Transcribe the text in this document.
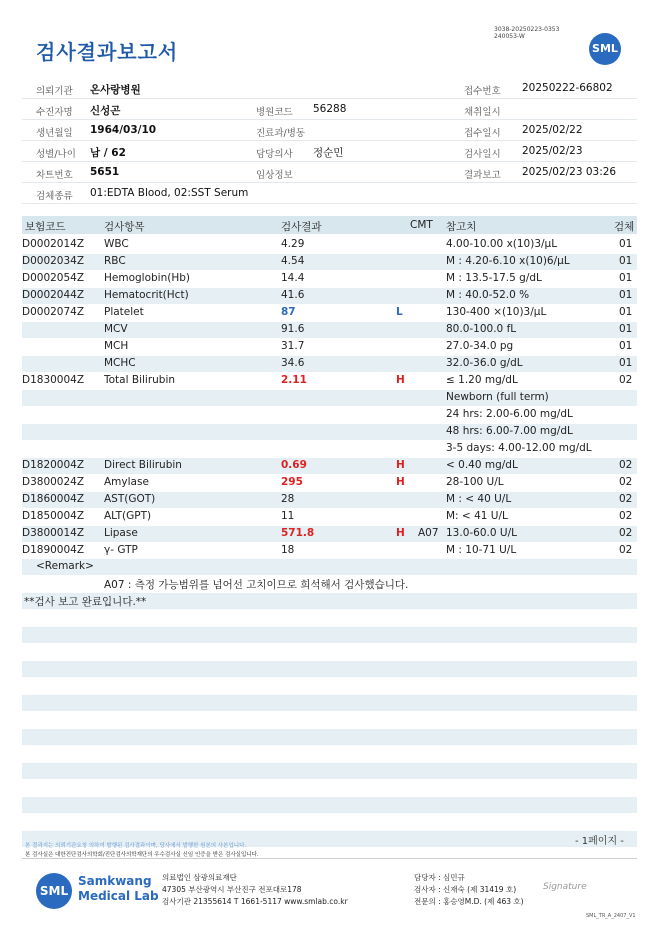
검사결과보고서
3038-20250223-0353
240053-W
SML
의뢰기관 온사랑병원	접수번호 20250222-66802
수진자명 신성곤	병원코드 56288	채취일시
생년월일 1964/03/10	진료과/병동	접수일시 2025/02/22
성별/나이 남 / 62	담당의사 정순민	검사일시 2025/02/23
차트번호 5651	임상정보	결과보고 2025/02/23 03:26
검체종류 01:EDTA Blood, 02:SST Serum
보험코드	검사항목	검사결과	CMT 참고치	검체
D0002014Z WBC	4.29	4.00-10.00 x(10)3/μL	01
D0002034Z RBC	4.54	M : 4.20-6.10 x(10)6/μL	01
D0002054Z Hemoglobin(Hb)	14.4	M : 13.5-17.5 g/dL	01
D0002044Z Hematocrit(Hct)	41.6	M : 40.0-52.0 %	01
D0002074Z Platelet	87	L	130-400 ×(10)3/μL	01
MCV	91.6	80.0-100.0 fL	01
MCH	31.7	27.0-34.0 pg	01
MCHC	34.6	32.0-36.0 g/dL	01
D1830004Z Total Bilirubin	2.11	H	≤ 1.20 mg/dL	02
Newborn (full term)
24 hrs: 2.00-6.00 mg/dL
48 hrs: 6.00-7.00 mg/dL
3-5 days: 4.00-12.00 mg/dL
D1820004Z Direct Bilirubin	0.69	H	< 0.40 mg/dL	02
D3800024Z Amylase	295	H	28-100 U/L	02
D1860004Z AST(GOT)	28	M : < 40 U/L	02
D1850004Z ALT(GPT)	11	M: < 41 U/L	02
D3800014Z Lipase	571.8	H A07 13.0-60.0 U/L	02
D1890004Z γ- GTP	18	M : 10-71 U/L	02
<Remark>
A07 : 측정 가능범위를 넘어선 고치이므로 희석해서 검사했습니다.
**검사 보고 완료입니다.**
본 결과지는 의뢰기관요청 의하여 발행된 검사결과이며, 당사에서 발행한 원본의 사본입니다.
본 검사실은 대한진단검사의학회/진단검사의학재단의 우수검사실 신임 인증을 받은 검사실입니다.
- 1페이지 -
SML
Samkwang
Medical Lab
의료법인 삼광의료재단
47305 부산광역시 부산진구 전포대로178
검사기관 21355614 T 1661-5117 www.smlab.co.kr
담당자 : 심민규
검사자 : 신재숙 (제 31419 호)
전문의 : 홍승영M.D. (제 463 호)
Signature
SML_TR_A_2407_V1
